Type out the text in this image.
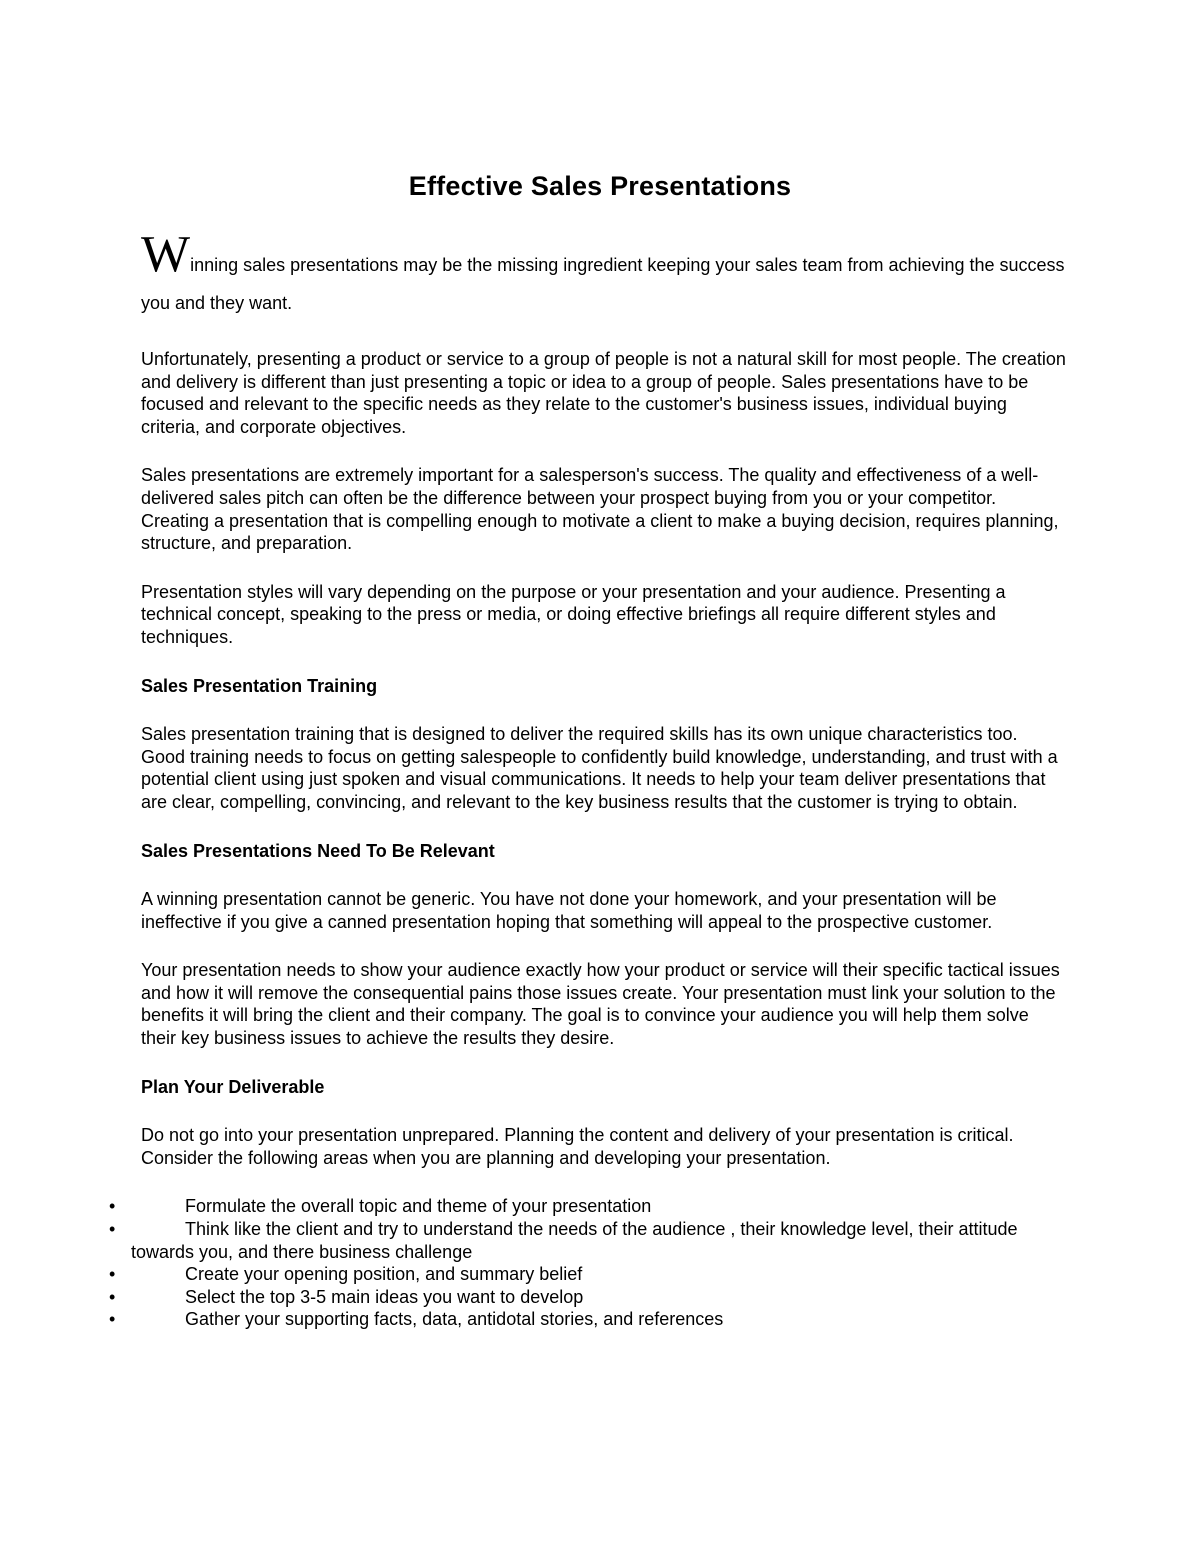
Effective Sales Presentations

Winning sales presentations may be the missing ingredient keeping your sales team from achieving the success you and they want.

Unfortunately, presenting a product or service to a group of people is not a natural skill for most people. The creation and delivery is different than just presenting a topic or idea to a group of people. Sales presentations have to be focused and relevant to the specific needs as they relate to the customer's business issues, individual buying criteria, and corporate objectives.

Sales presentations are extremely important for a salesperson's success. The quality and effectiveness of a well-delivered sales pitch can often be the difference between your prospect buying from you or your competitor. Creating a presentation that is compelling enough to motivate a client to make a buying decision, requires planning, structure, and preparation.

Presentation styles will vary depending on the purpose or your presentation and your audience. Presenting a technical concept, speaking to the press or media, or doing effective briefings all require different styles and techniques.

Sales Presentation Training

Sales presentation training that is designed to deliver the required skills has its own unique characteristics too. Good training needs to focus on getting salespeople to confidently build knowledge, understanding, and trust with a potential client using just spoken and visual communications. It needs to help your team deliver presentations that are clear, compelling, convincing, and relevant to the key business results that the customer is trying to obtain.

Sales Presentations Need To Be Relevant

A winning presentation cannot be generic. You have not done your homework, and your presentation will be ineffective if you give a canned presentation hoping that something will appeal to the prospective customer.

Your presentation needs to show your audience exactly how your product or service will their specific tactical issues and how it will remove the consequential pains those issues create. Your presentation must link your solution to the benefits it will bring the client and their company. The goal is to convince your audience you will help them solve their key business issues to achieve the results they desire.

Plan Your Deliverable

Do not go into your presentation unprepared. Planning the content and delivery of your presentation is critical. Consider the following areas when you are planning and developing your presentation.

•	Formulate the overall topic and theme of your presentation
•	Think like the client and try to understand the needs of the audience , their knowledge level, their attitude towards you, and there business challenge
•	Create your opening position, and summary belief
•	Select the top 3-5 main ideas you want to develop
•	Gather your supporting facts, data, antidotal stories, and references
